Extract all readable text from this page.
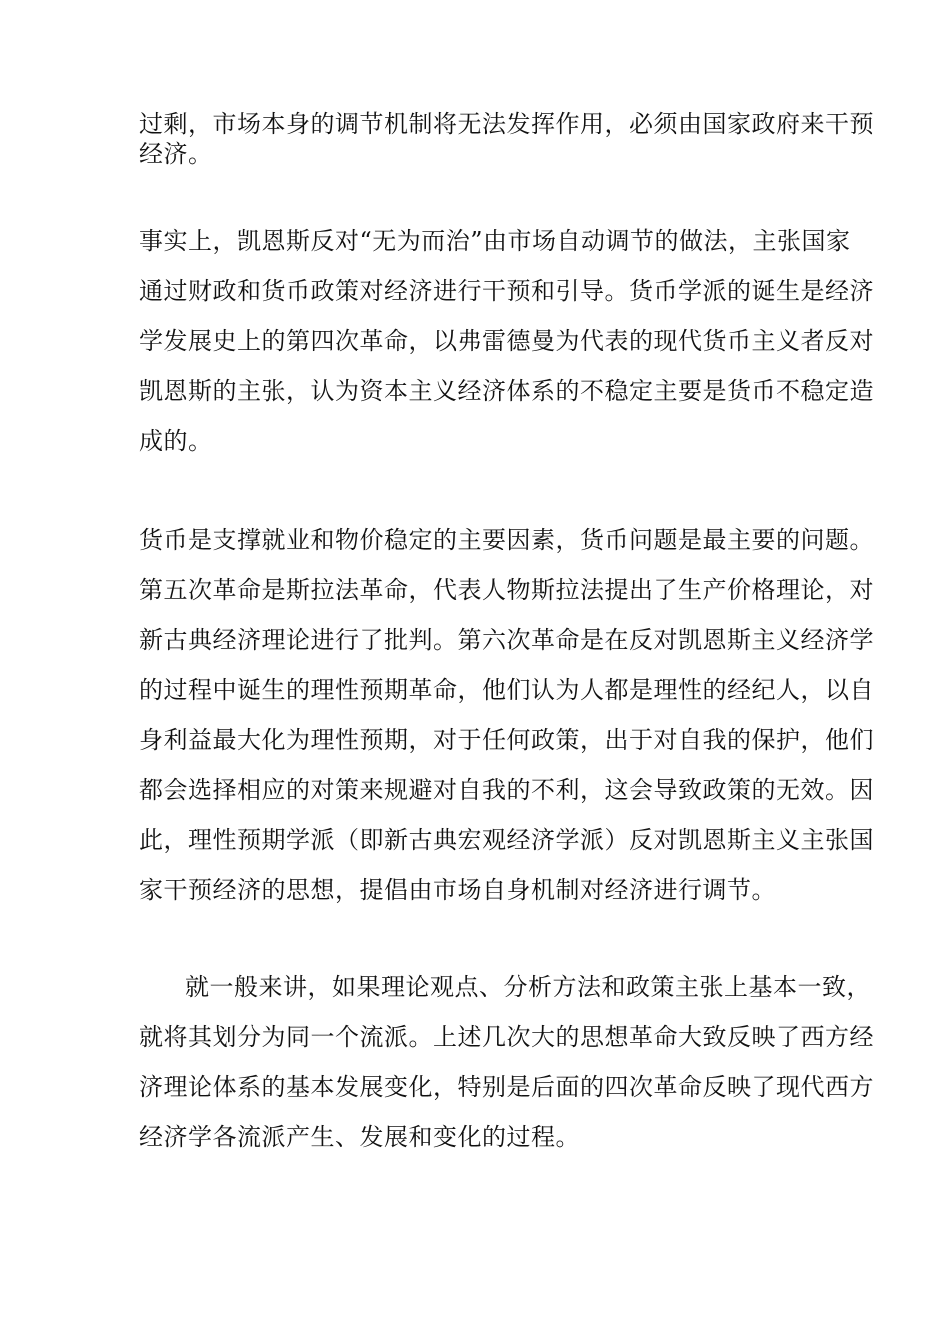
过剩，市场本身的调节机制将无法发挥作用，必须由国家政府来干预
经济。
事实上，凯恩斯反对“无为而治”由市场自动调节的做法，主张国家
通过财政和货币政策对经济进行干预和引导。货币学派的诞生是经济
学发展史上的第四次革命，以弗雷德曼为代表的现代货币主义者反对
凯恩斯的主张，认为资本主义经济体系的不稳定主要是货币不稳定造
成的。
货币是支撑就业和物价稳定的主要因素，货币问题是最主要的问题。
第五次革命是斯拉法革命，代表人物斯拉法提出了生产价格理论，对
新古典经济理论进行了批判。第六次革命是在反对凯恩斯主义经济学
的过程中诞生的理性预期革命，他们认为人都是理性的经纪人，以自
身利益最大化为理性预期，对于任何政策，出于对自我的保护，他们
都会选择相应的对策来规避对自我的不利，这会导致政策的无效。因
此，理性预期学派（即新古典宏观经济学派）反对凯恩斯主义主张国
家干预经济的思想，提倡由市场自身机制对经济进行调节。
就一般来讲，如果理论观点、分析方法和政策主张上基本一致，
就将其划分为同一个流派。上述几次大的思想革命大致反映了西方经
济理论体系的基本发展变化，特别是后面的四次革命反映了现代西方
经济学各流派产生、发展和变化的过程。
